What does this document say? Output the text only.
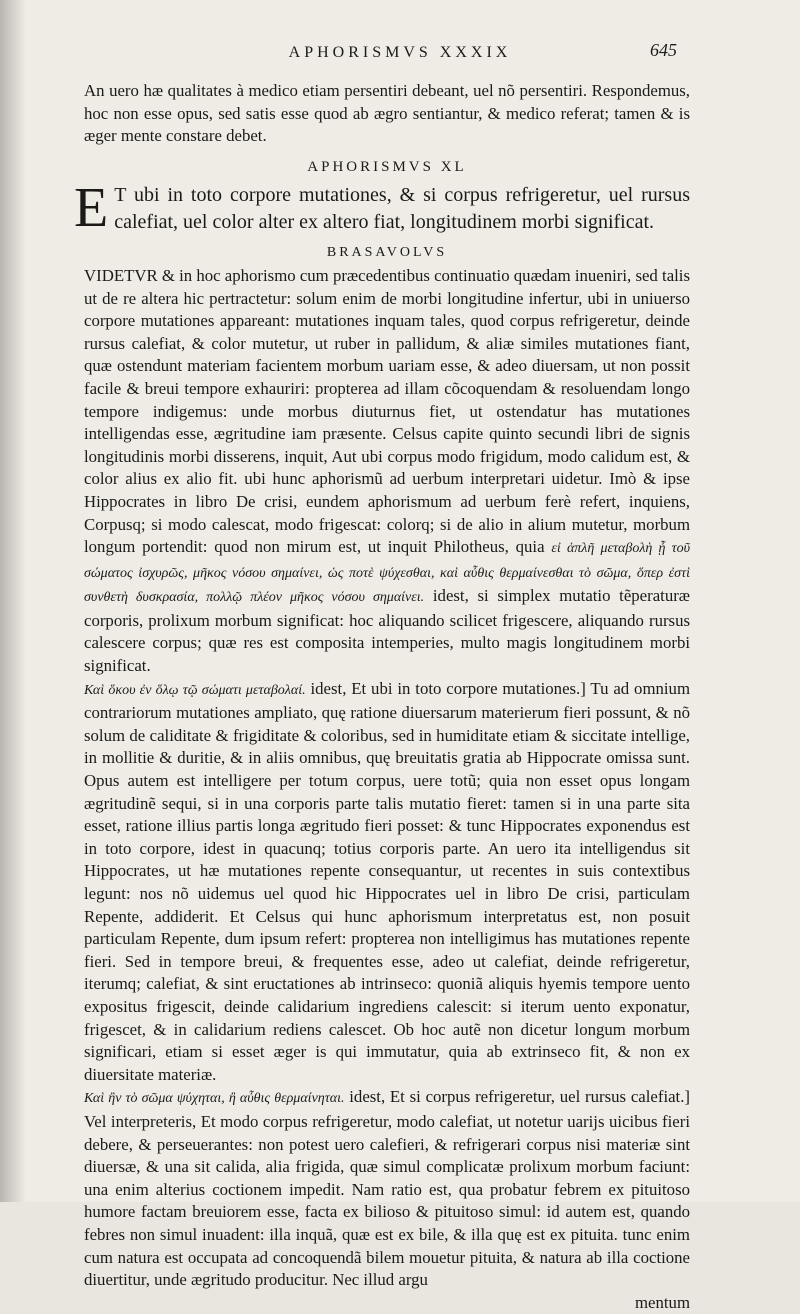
APHORISMVS XXXIX	645

An uero hæ qualitates à medico etiam persentiri debeant, uel nõ persentiri. Respondemus, hoc non esse opus, sed satis esse quod ab ægro sentiantur, & medico referat; tamen & is æger mente constare debet.

APHORISMVS XL

E T ubi in toto corpore mutationes, & si corpus refrigeretur, uel rursus calefiat, uel color alter ex altero fiat, longitudinem morbi significat.

BRASAVOLVS

VIDETVR & in hoc aphorismo cum præcedentibus continuatio quædam inueniri, sed talis ut de re altera hic pertractetur: solum enim de morbi longitudine infertur, ubi in uniuerso corpore mutationes appareant: mutationes inquam tales, quod corpus refrigeretur, deinde rursus calefiat, & color mutetur, ut ruber in pallidum, & aliæ similes mutationes fiant, quæ ostendunt materiam facientem morbum uariam esse, & adeo diuersam, ut non possit facile & breui tempore exhauriri: propterea ad illam cõcoquendam & resoluendam longo tempore indigemus: unde morbus diuturnus fiet, ut ostendatur has mutationes intelligendas esse, ægritudine iam præsente. Celsus capite quinto secundi libri de signis longitudinis morbi disserens, inquit, Aut ubi corpus modo frigidum, modo calidum est, & color alius ex alio fit. ubi hunc aphorismũ ad uerbum interpretari uidetur. Imò & ipse Hippocrates in libro De crisi, eundem aphorismum ad uerbum ferè refert, inquiens, Corpusq; si modo calescat, modo frigescat: colorq; si de alio in alium mutetur, morbum longum portendit: quod non mirum est, ut inquit Philotheus, quia εἰ ἁπλῆ μεταβολὴ ᾖ τοῦ σώματος ἰσχυρῶς, μῆκος νόσου σημαίνει, ὡς ποτὲ ψύχεσθαι, καὶ αὖθις θερμαίνεσθαι τὸ σῶμα, ὅπερ ἐστὶ συνθετὴ δυσκρασία, πολλῷ πλέον μῆκος νόσου σημαίνει. idest, si simplex mutatio tẽperaturæ corporis, prolixum morbum significat: hoc aliquando scilicet frigescere, aliquando rursus calescere corpus; quæ res est composita intemperies, multo magis longitudinem morbi significat.

Καὶ ὅκου ἐν ὅλῳ τῷ σώματι μεταβολαί. idest, Et ubi in toto corpore mutationes.] Tu ad omnium contrariorum mutationes ampliato, quę ratione diuersarum materierum fieri possunt, & nõ solum de caliditate & frigiditate & coloribus, sed in humiditate etiam & siccitate intellige, in mollitie & duritie, & in aliis omnibus, quę breuitatis gratia ab Hippocrate omissa sunt. Opus autem est intelligere per totum corpus, uere totũ; quia non esset opus longam ægritudinẽ sequi, si in una corporis parte talis mutatio fieret: tamen si in una parte sita esset, ratione illius partis longa ægritudo fieri posset: & tunc Hippocrates exponendus est in toto corpore, idest in quacunq; totius corporis parte. An uero ita intelligendus sit Hippocrates, ut hæ mutationes repente consequantur, ut recentes in suis contextibus legunt: nos nõ uidemus uel quod hic Hippocrates uel in libro De crisi, particulam Repente, addiderit. Et Celsus qui hunc aphorismum interpretatus est, non posuit particulam Repente, dum ipsum refert: propterea non intelligimus has mutationes repente fieri. Sed in tempore breui, & frequentes esse, adeo ut calefiat, deinde refrigeretur, iterumq; calefiat, & sint eructationes ab intrinseco: quoniã aliquis hyemis tempore uento expositus frigescit, deinde calidarium ingrediens calescit: si iterum uento exponatur, frigescet, & in calidarium rediens calescet. Ob hoc autẽ non dicetur longum morbum significari, etiam si esset æger is qui immutatur, quia ab extrinseco fit, & non ex diuersitate materiæ.

Καὶ ἢν τὸ σῶμα ψύχηται, ἢ αὖθις θερμαίνηται. idest, Et si corpus refrigeretur, uel rursus calefiat.] Vel interpreteris, Et modo corpus refrigeretur, modo calefiat, ut notetur uarijs uicibus fieri debere, & perseuerantes: non potest uero calefieri, & refrigerari corpus nisi materiæ sint diuersæ, & una sit calida, alia frigida, quæ simul complicatæ prolixum morbum faciunt: una enim alterius coctionem impedit. Nam ratio est, qua probatur febrem ex pituitoso humore factam breuiorem esse, facta ex bilioso & pituitoso simul: id autem est, quando febres non simul inuadent: illa inquã, quæ est ex bile, & illa quę est ex pituita. tunc enim cum natura est occupata ad concoquendã bilem mouetur pituita, & natura ab illa coctione diuertitur, unde ægritudo producitur. Nec illud argu

mentum
